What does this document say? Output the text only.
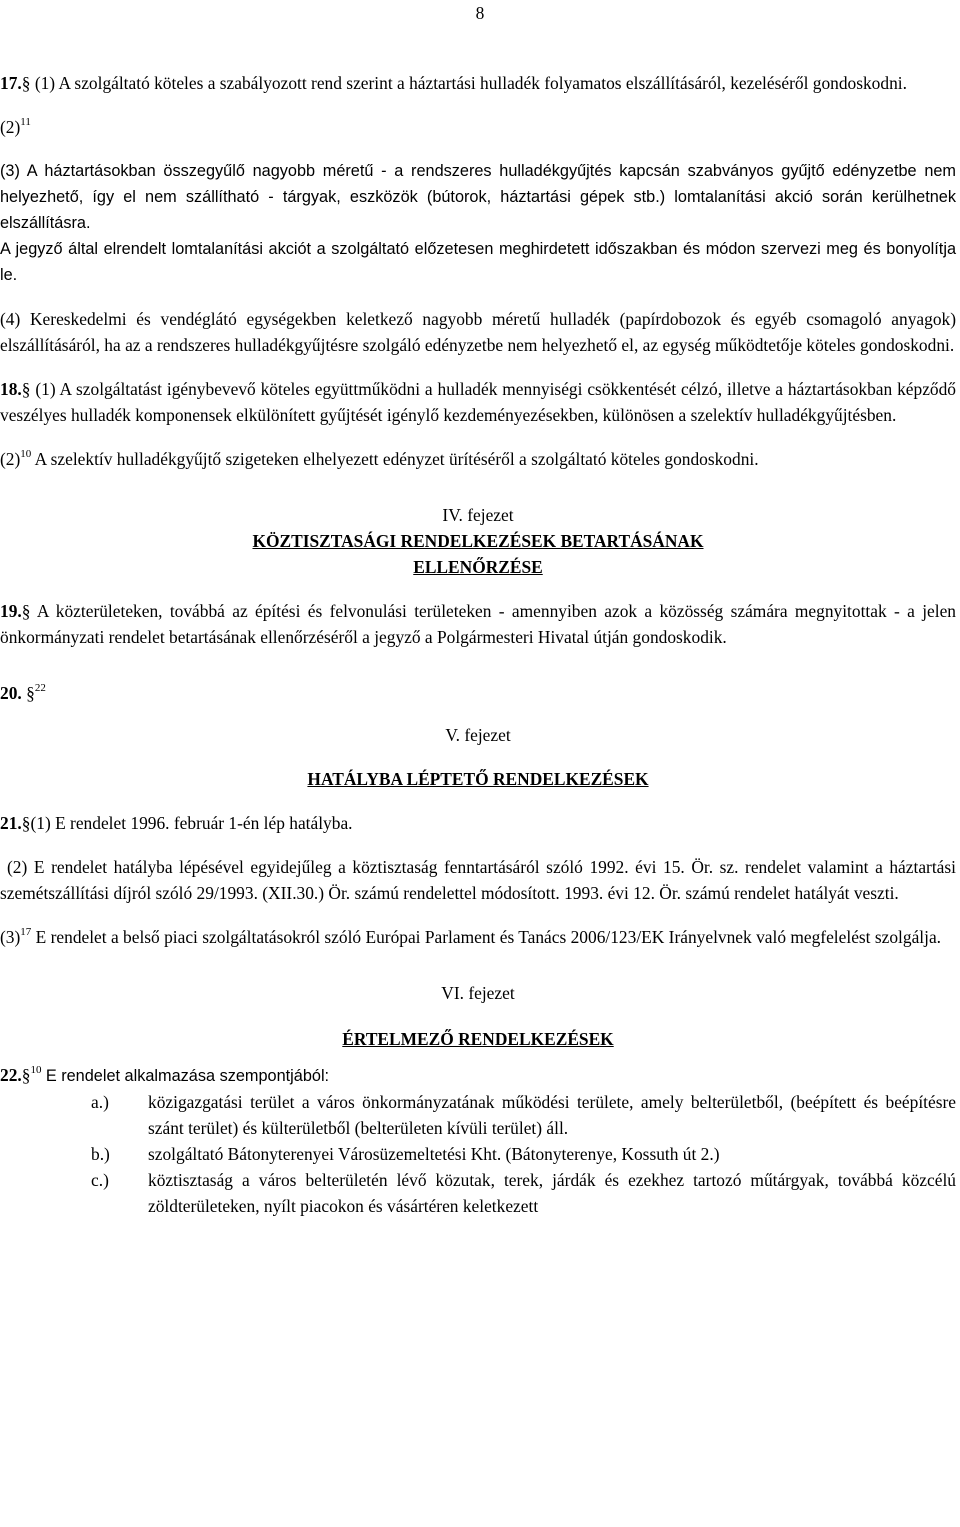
8

17.§ (1) A szolgáltató köteles a szabályozott rend szerint a háztartási hulladék folyamatos elszállításáról, kezeléséről gondoskodni.

$(2)^{11}$

(3) A háztartásokban összegyűlő nagyobb méretű - a rendszeres hulladékgyűjtés kapcsán szabványos gyűjtő edényzetbe nem helyezhető, így el nem szállítható - tárgyak, eszközök (bútorok, háztartási gépek stb.) lomtalanítási akció során kerülhetnek elszállításra.

A jegyző által elrendelt lomtalanítási akciót a szolgáltató előzetesen meghirdetett időszakban és módon szervezi meg és bonyolítja le.

(4) Kereskedelmi és vendéglátó egységekben keletkező nagyobb méretű hulladék (papírdobozok és egyéb csomagoló anyagok) elszállításáról, ha az a rendszeres hulladékgyűjtésre szolgáló edényzetbe nem helyezhető el, az egység működtetője köteles gondoskodni.

18.§ (1) A szolgáltatást igénybevevő köteles együttműködni a hulladék mennyiségi csökkentését célzó, illetve a háztartásokban képződő veszélyes hulladék komponensek elkülönített gyűjtését igénylő kezdeményezésekben, különösen a szelektív hulladékgyűjtésben.

$(2)^{10}$ A szelektív hulladékgyűjtő szigeteken elhelyezett edényzet ürítéséről a szolgáltató köteles gondoskodni.

IV. fejezet

KÖZTISZTASÁGI RENDELKEZÉSEK BETARTÁSÁNAK

ELLENŐRZÉSE

19.§ A közterületeken, továbbá az építési és felvonulási területeken - amennyiben azok a közösség számára megnyitottak - a jelen önkormányzati rendelet betartásának ellenőrzéséről a jegyző a Polgármesteri Hivatal útján gondoskodik.

20. §$^{22}$

V. fejezet

HATÁLYBA LÉPTETŐ RENDELKEZÉSEK

21.§(1) E rendelet 1996. február 1-én lép hatályba.

(2) E rendelet hatályba lépésével egyidejűleg a köztisztaság fenntartásáról szóló 1992. évi 15. Ör. sz. rendelet valamint a háztartási szemétszállítási díjról szóló 29/1993. (XII.30.) Ör. számú rendelettel módosított. 1993. évi 12. Ör. számú rendelet hatályát veszti.

$(3)^{17}$ E rendelet a belső piaci szolgáltatásokról szóló Európai Parlament és Tanács 2006/123/EK Irányelvnek való megfelelést szolgálja.

VI. fejezet

ÉRTELMEZŐ RENDELKEZÉSEK

22.§$^{10}$ E rendelet alkalmazása szempontjából:

a.) közigazgatási terület a város önkormányzatának működési területe, amely belterületből, (beépített és beépítésre szánt terület) és külterületből (belterületen kívüli terület) áll.
b.) szolgáltató Bátonyterenyei Városüzemeltetési Kht. (Bátonyterenye, Kossuth út 2.)
c.) köztisztaság a város belterületén lévő közutak, terek, járdák és ezekhez tartozó műtárgyak, továbbá közcélú zöldterületeken, nyílt piacokon és vásártéren keletkezett
